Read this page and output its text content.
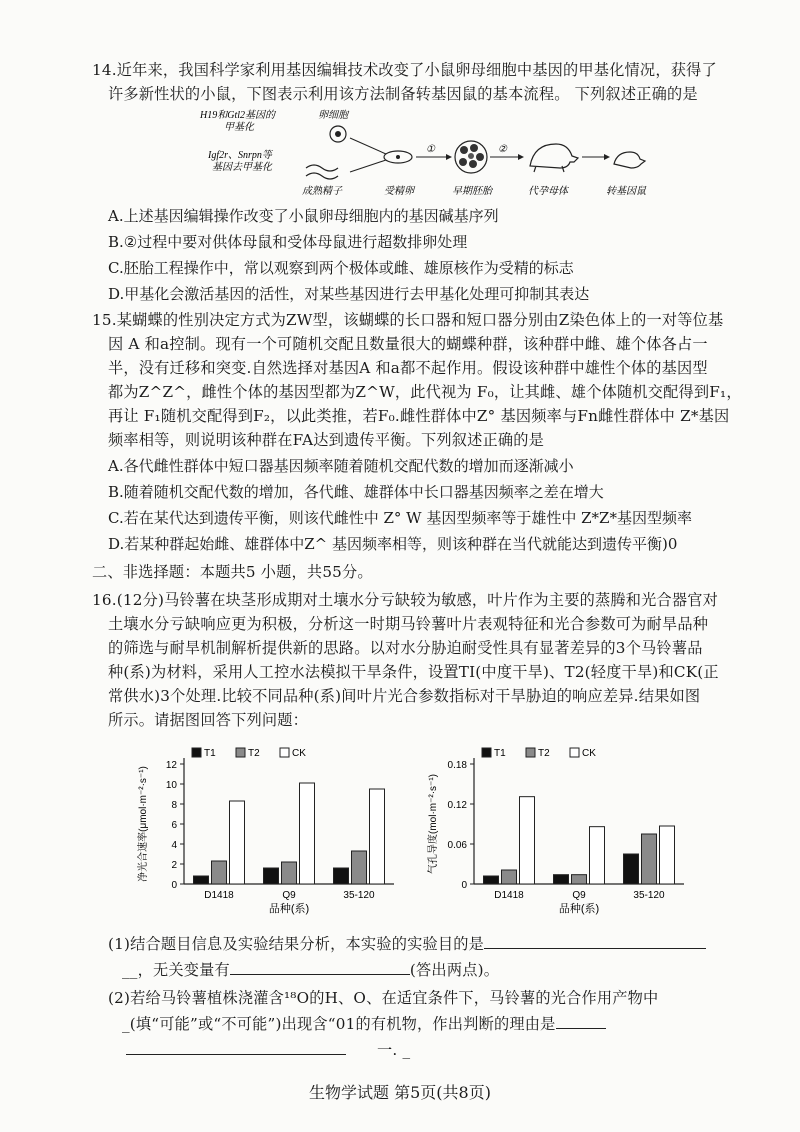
14.近年来，我国科学家利用基因编辑技术改变了小鼠卵母细胞中基因的甲基化情况，获得了
许多新性状的小鼠，下图表示利用该方法制备转基因鼠的基本流程。 下列叙述正确的是
H19和Gtl2基因的
甲基化
卵细胞
Igf2r、Snrpn等
基因去甲基化
成熟精子	受精卵
①
早期胚胎
②
代孕母体	转基因鼠
A.上述基因编辑操作改变了小鼠卵母细胞内的基因碱基序列
B.②过程中要对供体母鼠和受体母鼠进行超数排卵处理
C.胚胎工程操作中，常以观察到两个极体或雌、雄原核作为受精的标志
D.甲基化会激活基因的活性，对某些基因进行去甲基化处理可抑制其表达
15.某蝴蝶的性别决定方式为ZW型，该蝴蝶的长口器和短口器分别由Z染色体上的一对等位基
因 A 和a控制。现有一个可随机交配且数量很大的蝴蝶种群，该种群中雌、雄个体各占一
半，没有迁移和突变.自然选择对基因A 和a都不起作用。假设该种群中雄性个体的基因型
都为Z^Z^，雌性个体的基因型都为Z^W，此代视为 F₀，让其雌、雄个体随机交配得到F₁，
再让 F₁随机交配得到F₂，以此类推，若F₀.雌性群体中Z° 基因频率与Fn雌性群体中 Z*基因
频率相等，则说明该种群在FA达到遗传平衡。下列叙述正确的是
A.各代雌性群体中短口器基因频率随着随机交配代数的增加而逐渐减小
B.随着随机交配代数的增加，各代雌、雄群体中长口器基因频率之差在增大
C.若在某代达到遗传平衡，则该代雌性中 Z° W 基因型频率等于雄性中 Z*Z*基因型频率
D.若某种群起始雌、雄群体中Z^ 基因频率相等，则该种群在当代就能达到遗传平衡)0
二、非选择题：本题共5 小题，共55分。
16.(12分)马铃薯在块茎形成期对土壤水分亏缺较为敏感，叶片作为主要的蒸腾和光合器官对
土壤水分亏缺响应更为积极，分析这一时期马铃薯叶片表观特征和光合参数可为耐旱品种
的筛选与耐旱机制解析提供新的思路。以对水分胁迫耐受性具有显著差异的3个马铃薯品
种(系)为材料，采用人工控水法模拟干旱条件，设置TI(中度干旱)、T2(轻度干旱)和CK(正
常供水)3个处理.比较不同品种(系)间叶片光合参数指标对干旱胁迫的响应差异.结果如图
所示。请据图回答下列问题：
0
2
4
6
8
10
12
D1418	Q9	35-120
品种(系)
净光合速率(μmol·m⁻²·s⁻¹)
T1	T2	CK
0
0.06
0.12
0.18
D1418	Q9	35-120
品种(系)
气孔导度(mol·m⁻²·s⁻¹)
T1	T2	CK
(1)结合题目信息及实验结果分析，本实验的实验目的是
__，无关变量有	(答出两点)。
(2)若给马铃薯植株浇灌含¹⁸O的H、O、在适宜条件下，马铃薯的光合作用产物中
_(填“可能”或“不可能”)出现含“01的有机物，作出判断的理由是
一. _
生物学试题 第5页(共8页)
